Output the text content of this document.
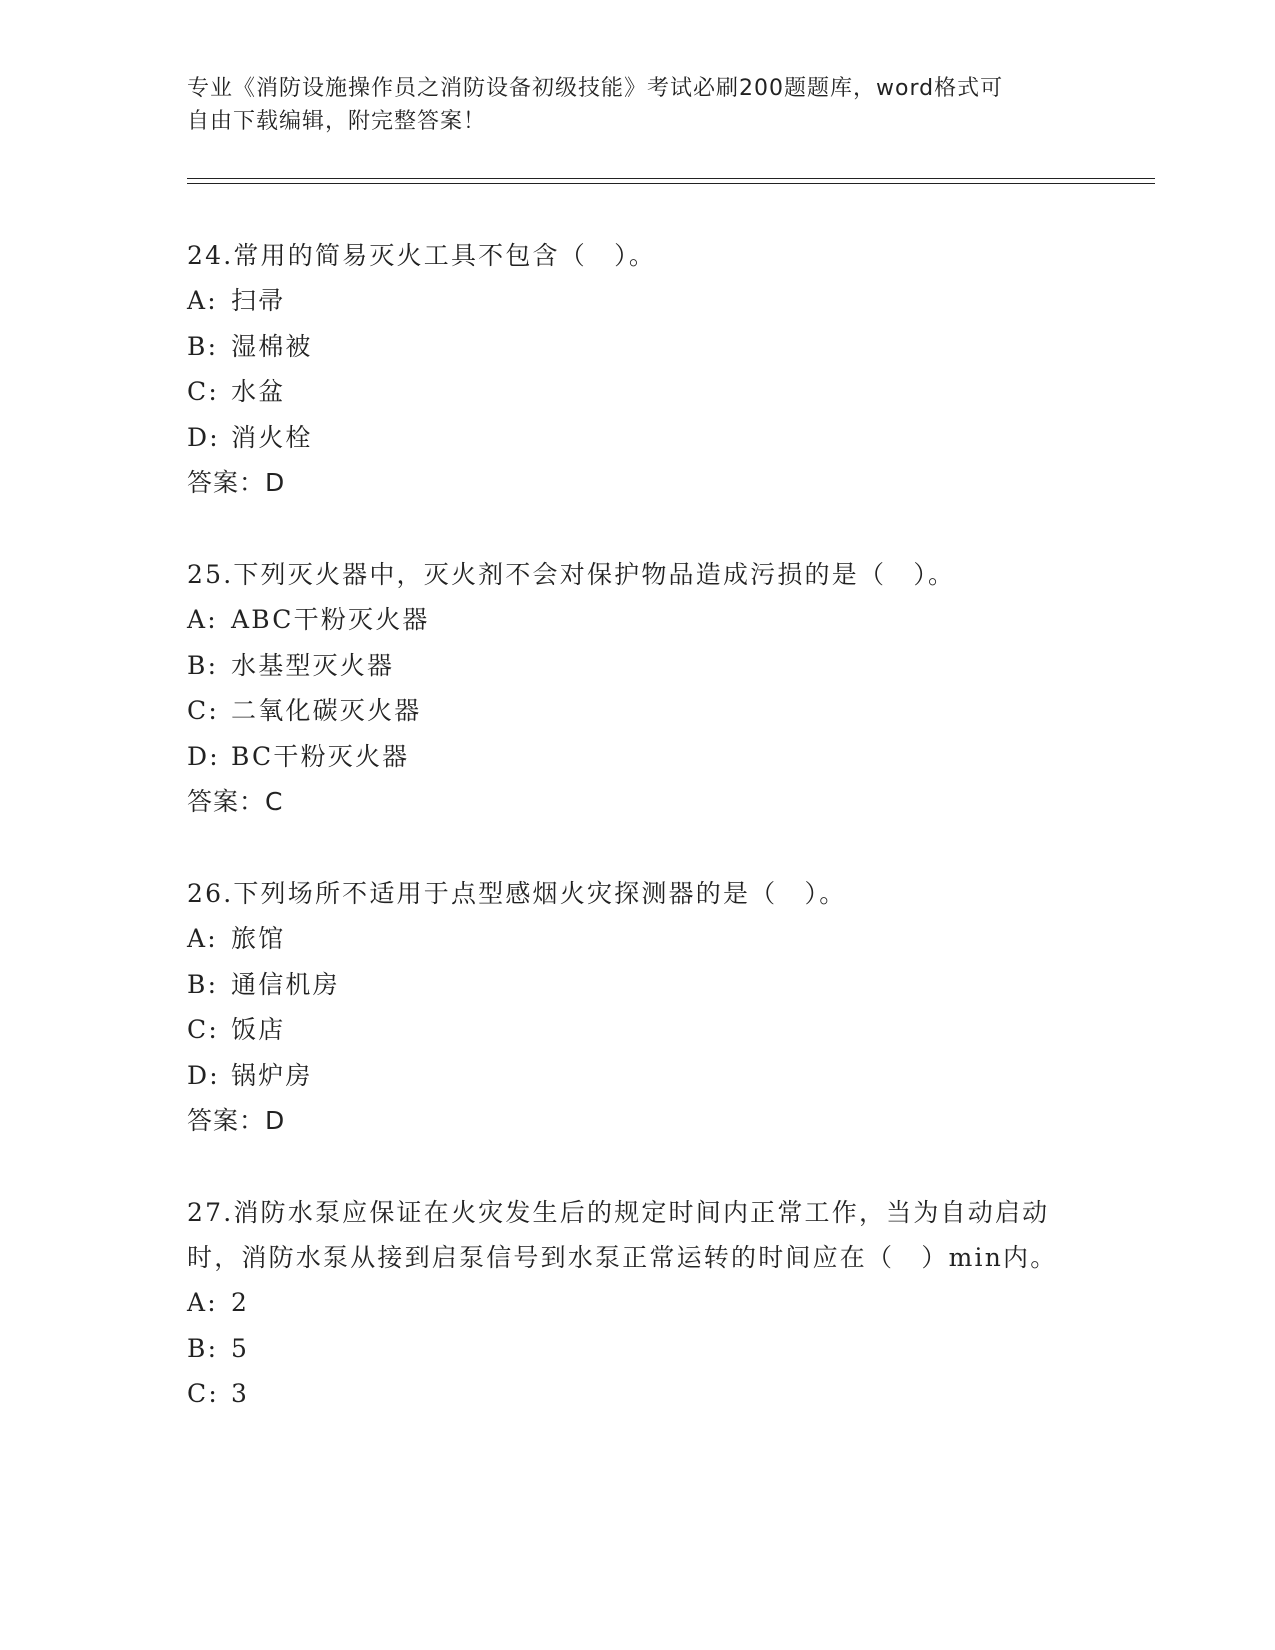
专业《消防设施操作员之消防设备初级技能》考试必刷200题题库，word格式可
自由下载编辑，附完整答案！
24.常用的简易灭火工具不包含（　）。
A: 扫帚
B: 湿棉被
C: 水盆
D: 消火栓
答案：D
25.下列灭火器中，灭火剂不会对保护物品造成污损的是（　）。
A: ABC干粉灭火器
B: 水基型灭火器
C: 二氧化碳灭火器
D: BC干粉灭火器
答案：C
26.下列场所不适用于点型感烟火灾探测器的是（　）。
A: 旅馆
B: 通信机房
C: 饭店
D: 锅炉房
答案：D
27.消防水泵应保证在火灾发生后的规定时间内正常工作，当为自动启动时，消防水泵从接到启泵信号到水泵正常运转的时间应在（　）min内。
A: 2
B: 5
C: 3
